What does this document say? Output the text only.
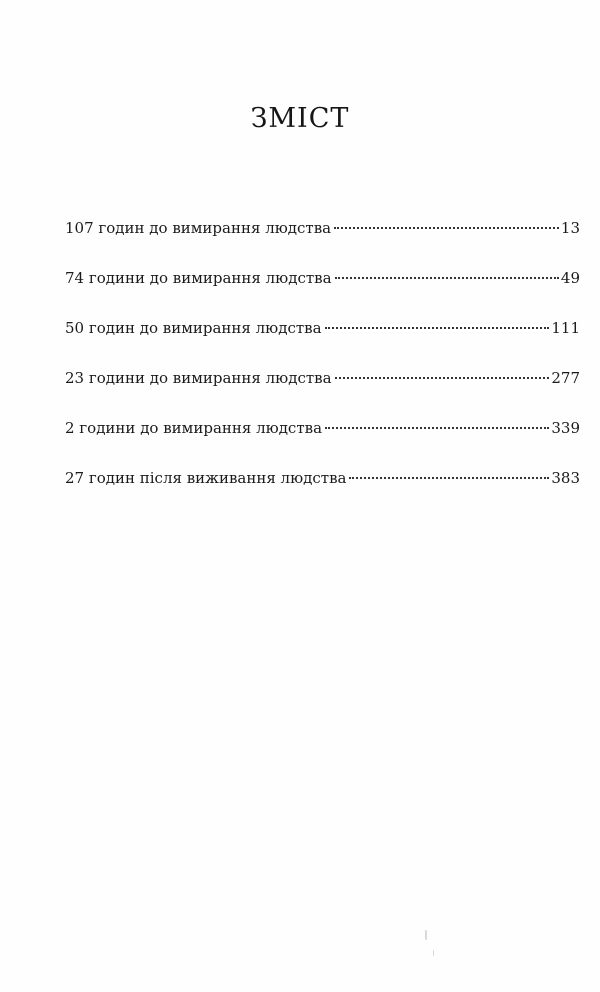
ЗМІСТ
107 годин до вимирання людства	13
74 години до вимирання людства	49
50 годин до вимирання людства	111
23 години до вимирання людства	277
2 години до вимирання людства	339
27 годин після виживання людства	383
